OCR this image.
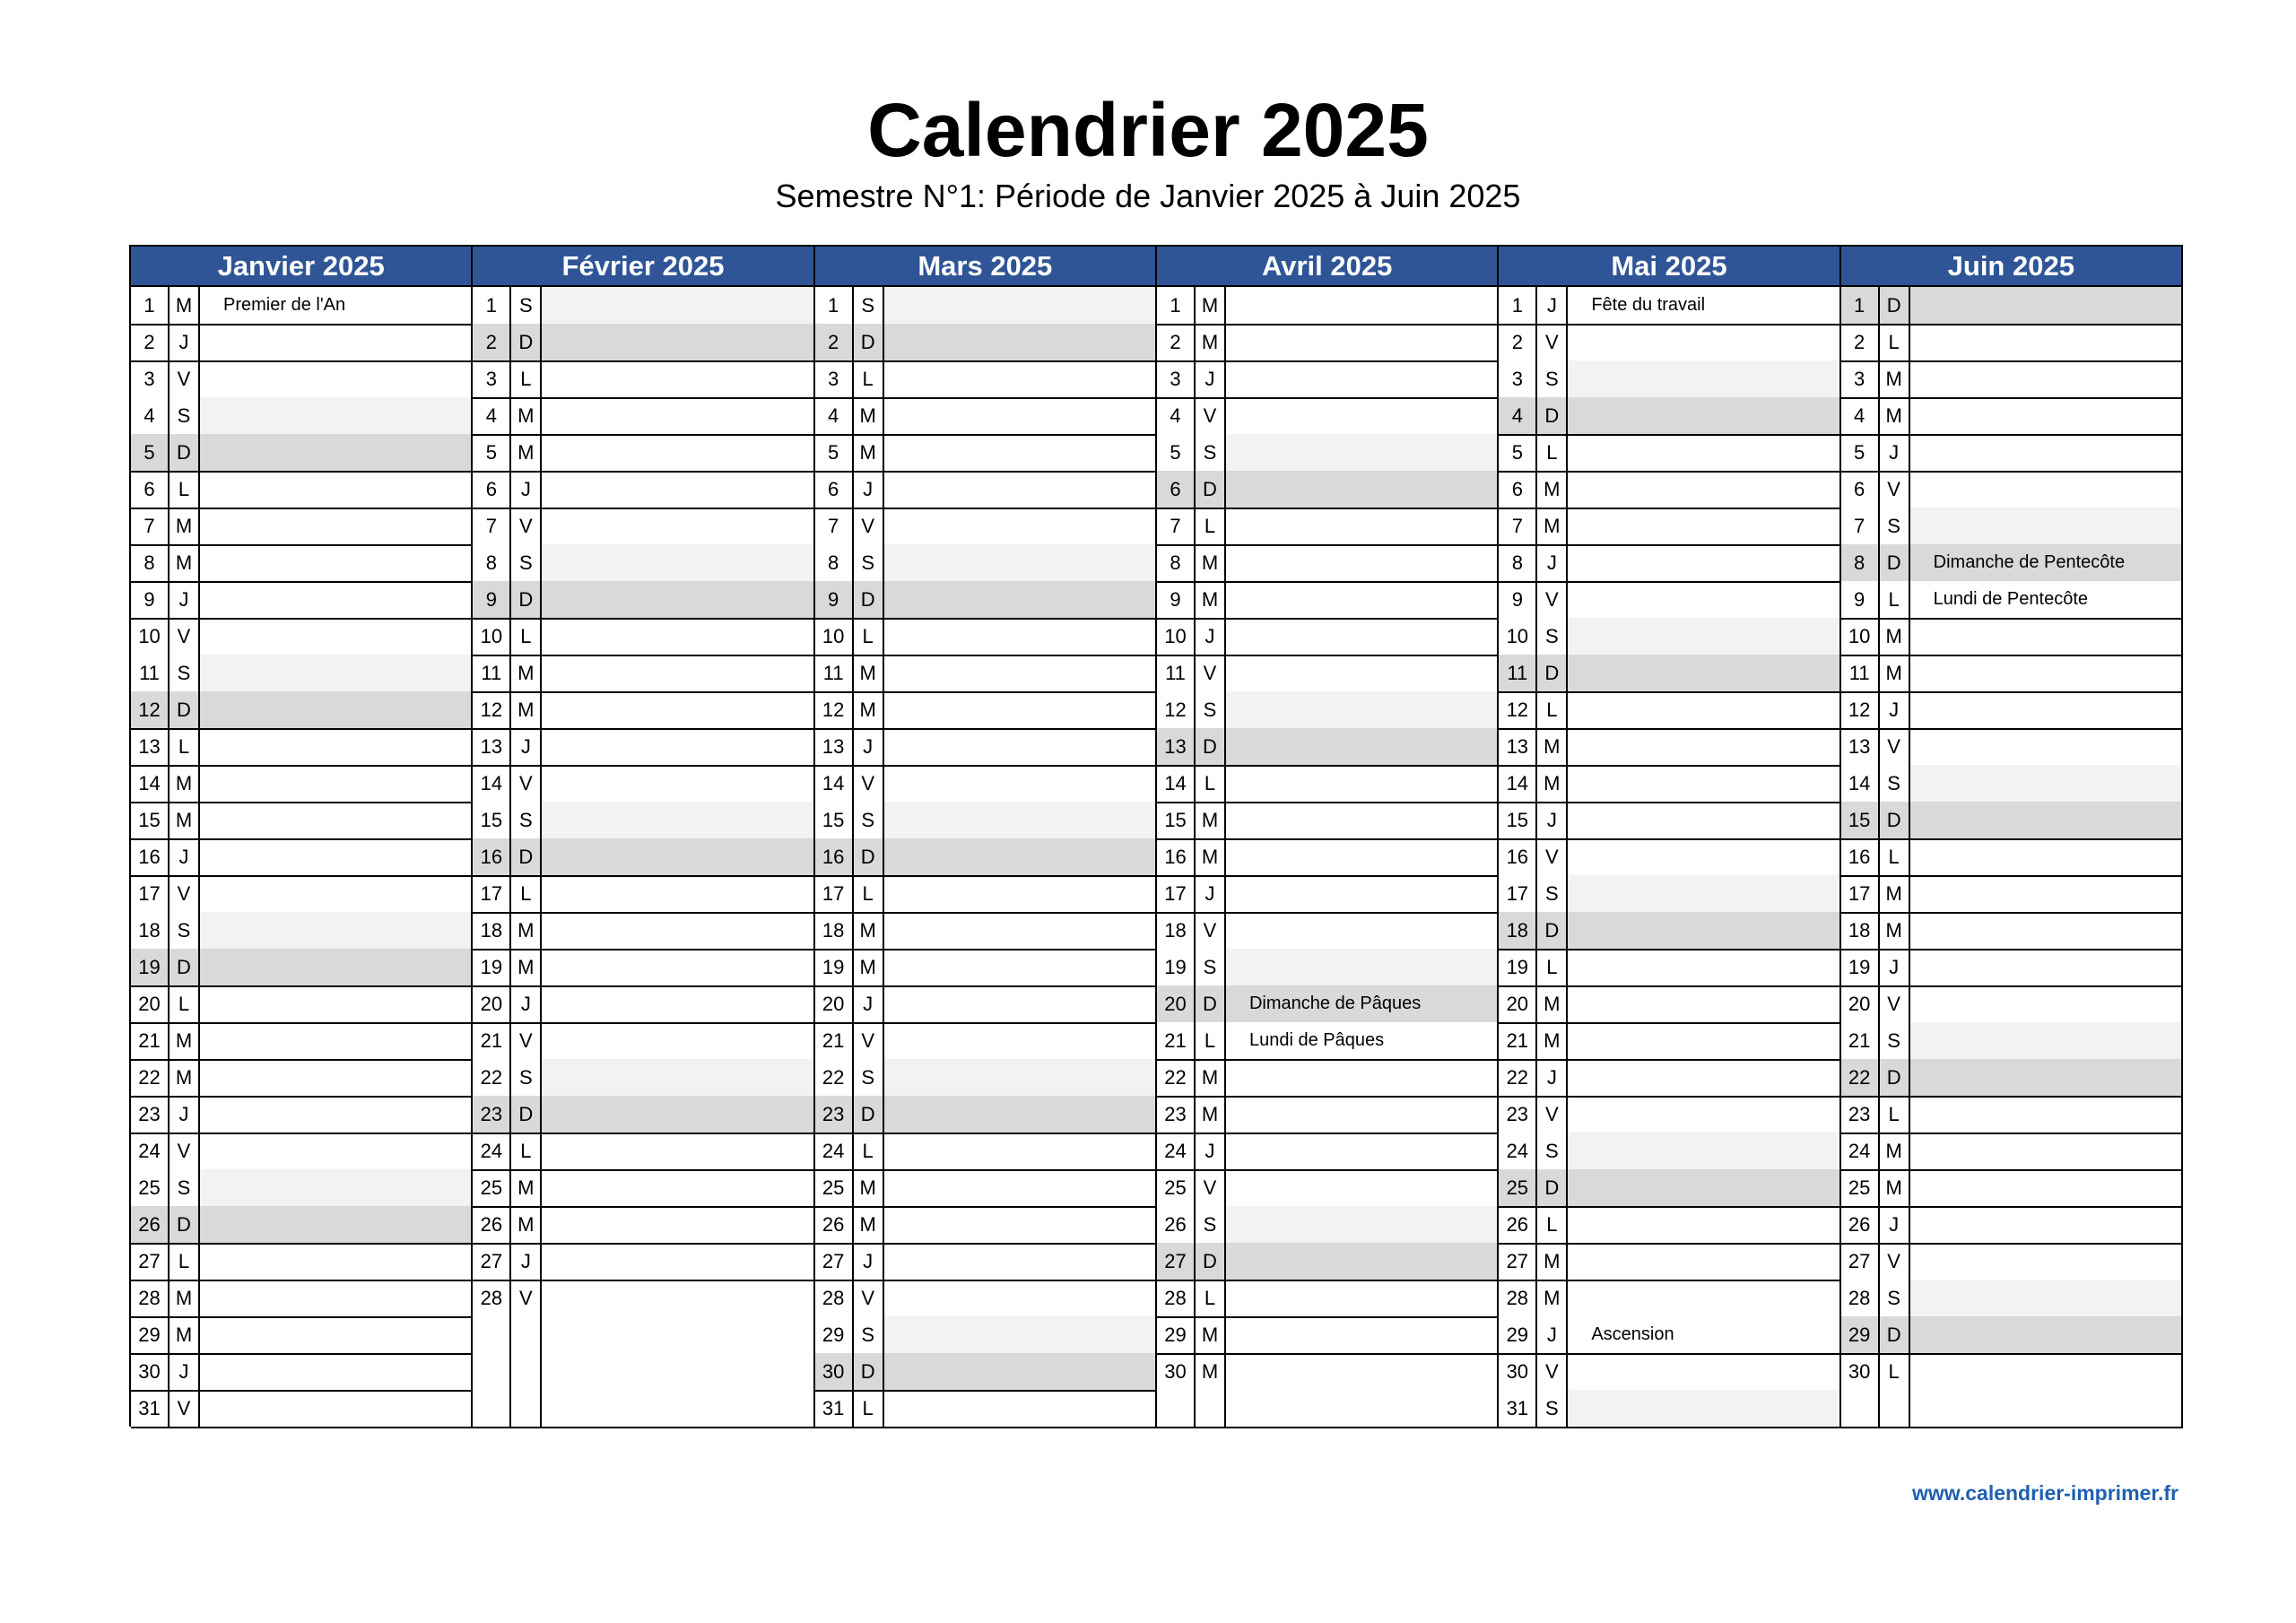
Calendrier 2025
Semestre N°1: Période de Janvier 2025 à Juin 2025
Janvier 2025
1	M	Premier de l'An
2	J
3	V
4	S
5	D
6	L
7	M
8	M
9	J
10 V
11 S
12 D
13 L
14 M
15 M
16 J
17 V
18 S
19 D
20 L
21 M
22 M
23 J
24 V
25 S
26 D
27 L
28 M
29 M
30 J
31 V
Février 2025
1	S
2	D
3	L
4	M
5	M
6	J
7	V
8	S
9	D
10 L
11 M
12 M
13 J
14 V
15 S
16 D
17 L
18 M
19 M
20 J
21 V
22 S
23 D
24 L
25 M
26 M
27 J
28 V
Mars 2025
1	S
2	D
3	L
4	M
5	M
6	J
7	V
8	S
9	D
10 L
11 M
12 M
13 J
14 V
15 S
16 D
17 L
18 M
19 M
20 J
21 V
22 S
23 D
24 L
25 M
26 M
27 J
28 V
29 S
30 D
31 L
Avril 2025
1	M
2	M
3	J
4	V
5	S
6	D
7	L
8	M
9	M
10 J
11 V
12 S
13 D
14 L
15 M
16 M
17 J
18 V
19 S
20 D	Dimanche de Pâques
21 L	Lundi de Pâques
22 M
23 M
24 J
25 V
26 S
27 D
28 L
29 M
30 M
Mai 2025
1	J	Fête du travail
2	V
3	S
4	D
5	L
6	M
7	M
8	J
9	V
10 S
11 D
12 L
13 M
14 M
15 J
16 V
17 S
18 D
19 L
20 M
21 M
22 J
23 V
24 S
25 D
26 L
27 M
28 M
29 J	Ascension
30 V
31 S
Juin 2025
1	D
2	L
3	M
4	M
5	J
6	V
7	S
8	D	Dimanche de Pentecôte
9	L	Lundi de Pentecôte
10 M
11 M
12 J
13 V
14 S
15 D
16 L
17 M
18 M
19 J
20 V
21 S
22 D
23 L
24 M
25 M
26 J
27 V
28 S
29 D
30 L
www.calendrier-imprimer.fr
